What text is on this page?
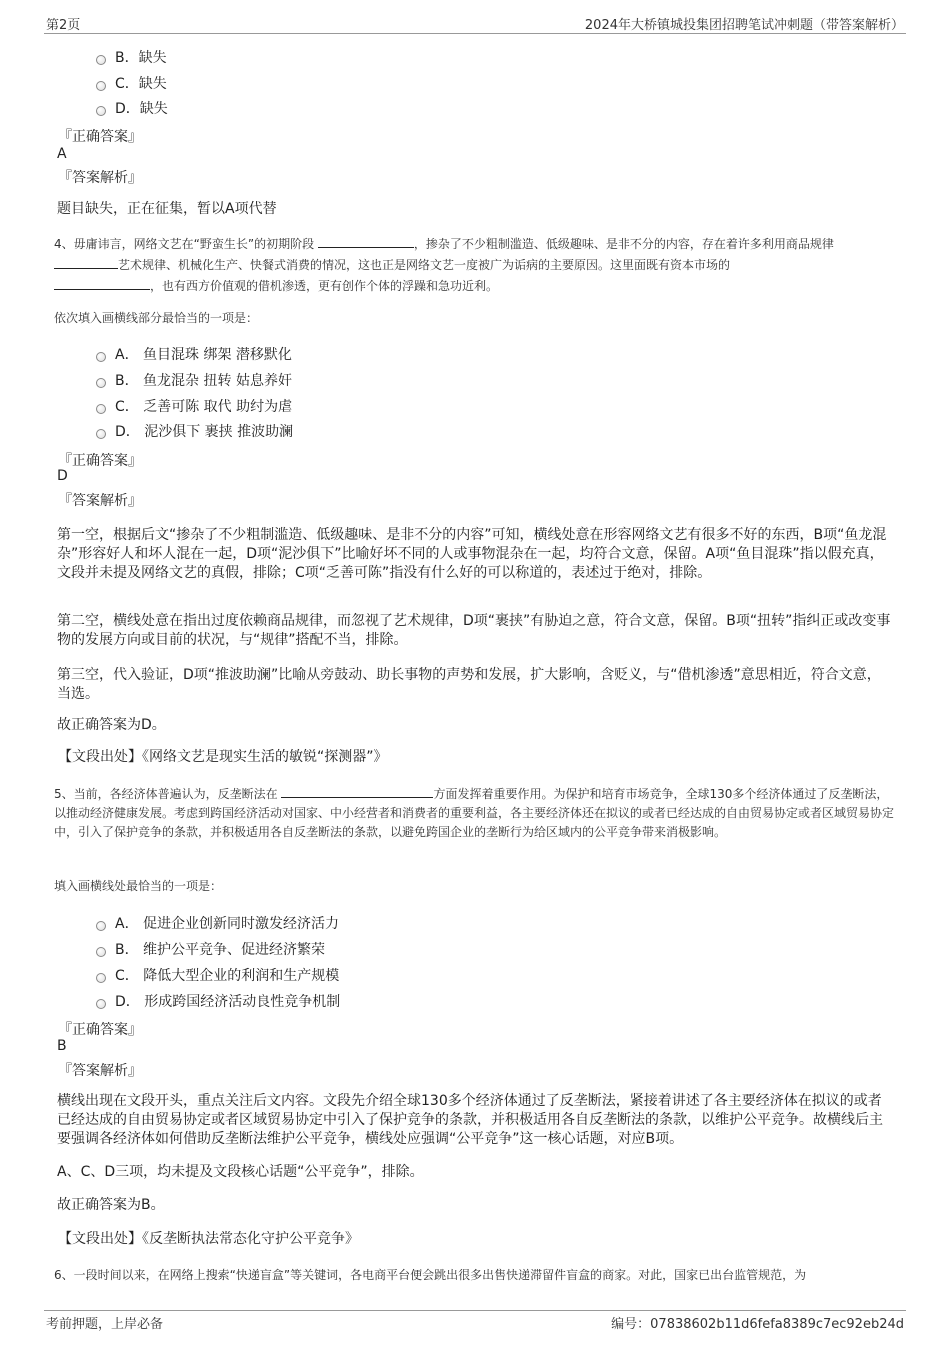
第2页	2024年大桥镇城投集团招聘笔试冲刺题（带答案解析）
B．缺失
C．缺失
D．缺失
『正确答案』
A
『答案解析』
题目缺失，正在征集，暂以A项代替
4、毋庸讳言，网络文艺在“野蛮生长”的初期阶段	，掺杂了不少粗制滥造、低级趣味、是非不分的内容，存在着许多利用商品规律 艺术规律、机械化生产、快餐式消费的情况，这也正是网络文艺一度被广为诟病的主要原因。这里面既有资本市场的
，也有西方价值观的借机渗透，更有创作个体的浮躁和急功近利。
依次填入画横线部分最恰当的一项是：
A． 鱼目混珠 绑架 潜移默化
B． 鱼龙混杂 扭转 姑息养奸
C． 乏善可陈 取代 助纣为虐
D． 泥沙俱下 裹挟 推波助澜
『正确答案』
D
『答案解析』
第一空，根据后文“掺杂了不少粗制滥造、低级趣味、是非不分的内容”可知，横线处意在形容网络文艺有很多不好的东西，B项“鱼龙混杂”形容好人和坏人混在一起，D项“泥沙俱下”比喻好坏不同的人或事物混杂在一起，均符合文意，保留。A项“鱼目混珠”指以假充真，文段并未提及网络文艺的真假，排除；C项“乏善可陈”指没有什么好的可以称道的，表述过于绝对，排除。
第二空，横线处意在指出过度依赖商品规律，而忽视了艺术规律，D项“裹挟”有胁迫之意，符合文意，保留。B项“扭转”指纠正或改变事物的发展方向或目前的状况，与“规律”搭配不当，排除。
第三空，代入验证，D项“推波助澜”比喻从旁鼓动、助长事物的声势和发展，扩大影响，含贬义，与“借机渗透”意思相近，符合文意，当选。
故正确答案为D。
【文段出处】《网络文艺是现实生活的敏锐“探测器”》
5、当前，各经济体普遍认为，反垄断法在	方面发挥着重要作用。为保护和培育市场竞争，全球130多个经济体通过了反垄断法，以推动经济健康发展。考虑到跨国经济活动对国家、中小经营者和消费者的重要利益，各主要经济体还在拟议的或者已经达成的自由贸易协定或者区域贸易协定中，引入了保护竞争的条款，并积极适用各自反垄断法的条款，以避免跨国企业的垄断行为给区域内的公平竞争带来消极影响。
填入画横线处最恰当的一项是：
A． 促进企业创新同时激发经济活力
B． 维护公平竞争、促进经济繁荣
C． 降低大型企业的利润和生产规模
D． 形成跨国经济活动良性竞争机制
『正确答案』
B
『答案解析』
横线出现在文段开头，重点关注后文内容。文段先介绍全球130多个经济体通过了反垄断法，紧接着讲述了各主要经济体在拟议的或者已经达成的自由贸易协定或者区域贸易协定中引入了保护竞争的条款，并积极适用各自反垄断法的条款，以维护公平竞争。故横线后主要强调各经济体如何借助反垄断法维护公平竞争，横线处应强调“公平竞争”这一核心话题，对应B项。
A、C、D三项，均未提及文段核心话题“公平竞争”，排除。
故正确答案为B。
【文段出处】《反垄断执法常态化守护公平竞争》
6、一段时间以来，在网络上搜索“快递盲盒”等关键词，各电商平台便会跳出很多出售快递滞留件盲盒的商家。对此，国家已出台监管规范，为
考前押题，上岸必备	编号：07838602b11d6fefa8389c7ec92eb24d
